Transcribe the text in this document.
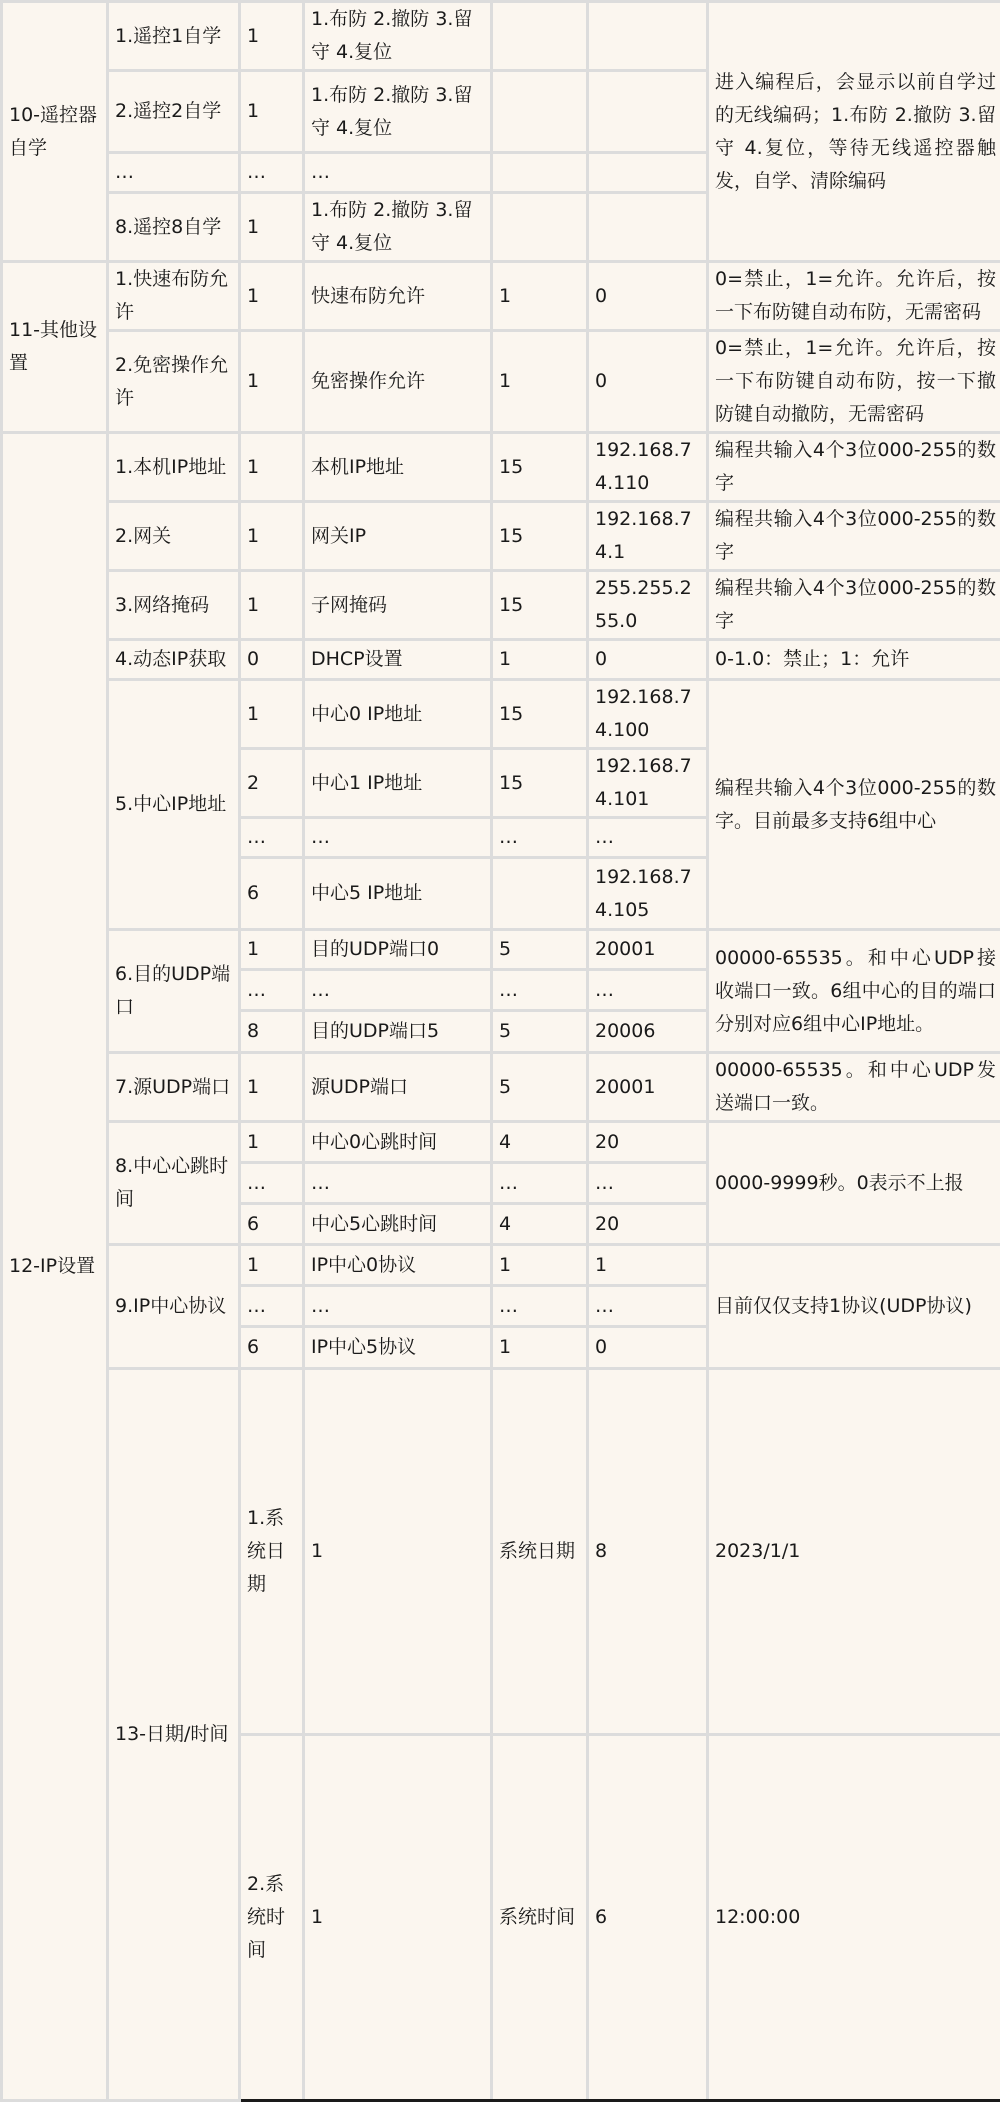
10-遥控器自学	1.遥控1自学	1	1.布防 2.撤防 3.留守 4.复位			进入编程后，会显示以前自学过的无线编码；1.布防 2.撤防 3.留守 4.复位，等待无线遥控器触发，自学、清除编码	
	2.遥控2自学	1	1.布防 2.撤防 3.留守 4.复位				
	…	…	…				
	8.遥控8自学	1	1.布防 2.撤防 3.留守 4.复位				
11-其他设置	1.快速布防允许	1	快速布防允许	1	0	0=禁止，1=允许。允许后，按一下布防键自动布防，无需密码	
	2.免密操作允许	1	免密操作允许	1	0	0=禁止，1=允许。允许后，按一下布防键自动布防，按一下撤防键自动撤防，无需密码	
12-IP设置	1.本机IP地址	1	本机IP地址	15	192.168.74.110	编程共输入4个3位000-255的数字	
	2.网关	1	网关IP	15	192.168.74.1	编程共输入4个3位000-255的数字	
	3.网络掩码	1	子网掩码	15	255.255.255.0	编程共输入4个3位000-255的数字	
	4.动态IP获取	0	DHCP设置	1	0	0-1.0：禁止；1：允许	
	5.中心IP地址	1	中心0 IP地址	15	192.168.74.100	编程共输入4个3位000-255的数字。目前最多支持6组中心	
		2	中心1 IP地址	15	192.168.74.101		
		…	…	…	…		
		6	中心5 IP地址		192.168.74.105		
	6.目的UDP端口	1	目的UDP端口0	5	20001	00000-65535。和中心UDP接收端口一致。6组中心的目的端口分别对应6组中心IP地址。	
		…	…	…	…		
		8	目的UDP端口5	5	20006		
	7.源UDP端口	1	源UDP端口	5	20001	00000-65535。和中心UDP发送端口一致。	
	8.中心心跳时间	1	中心0心跳时间	4	20	0000-9999秒。0表示不上报	
		…	…	…	…		
		6	中心5心跳时间	4	20		
	9.IP中心协议	1	IP中心0协议	1	1	目前仅仅支持1协议(UDP协议)	
		…	…	…	…		
		6	IP中心5协议	1	0		
	13-日期/时间	1.系统日期	1	系统日期	8	2023/1/1	
		2.系统时间	1	系统时间	6	12:00:00	
